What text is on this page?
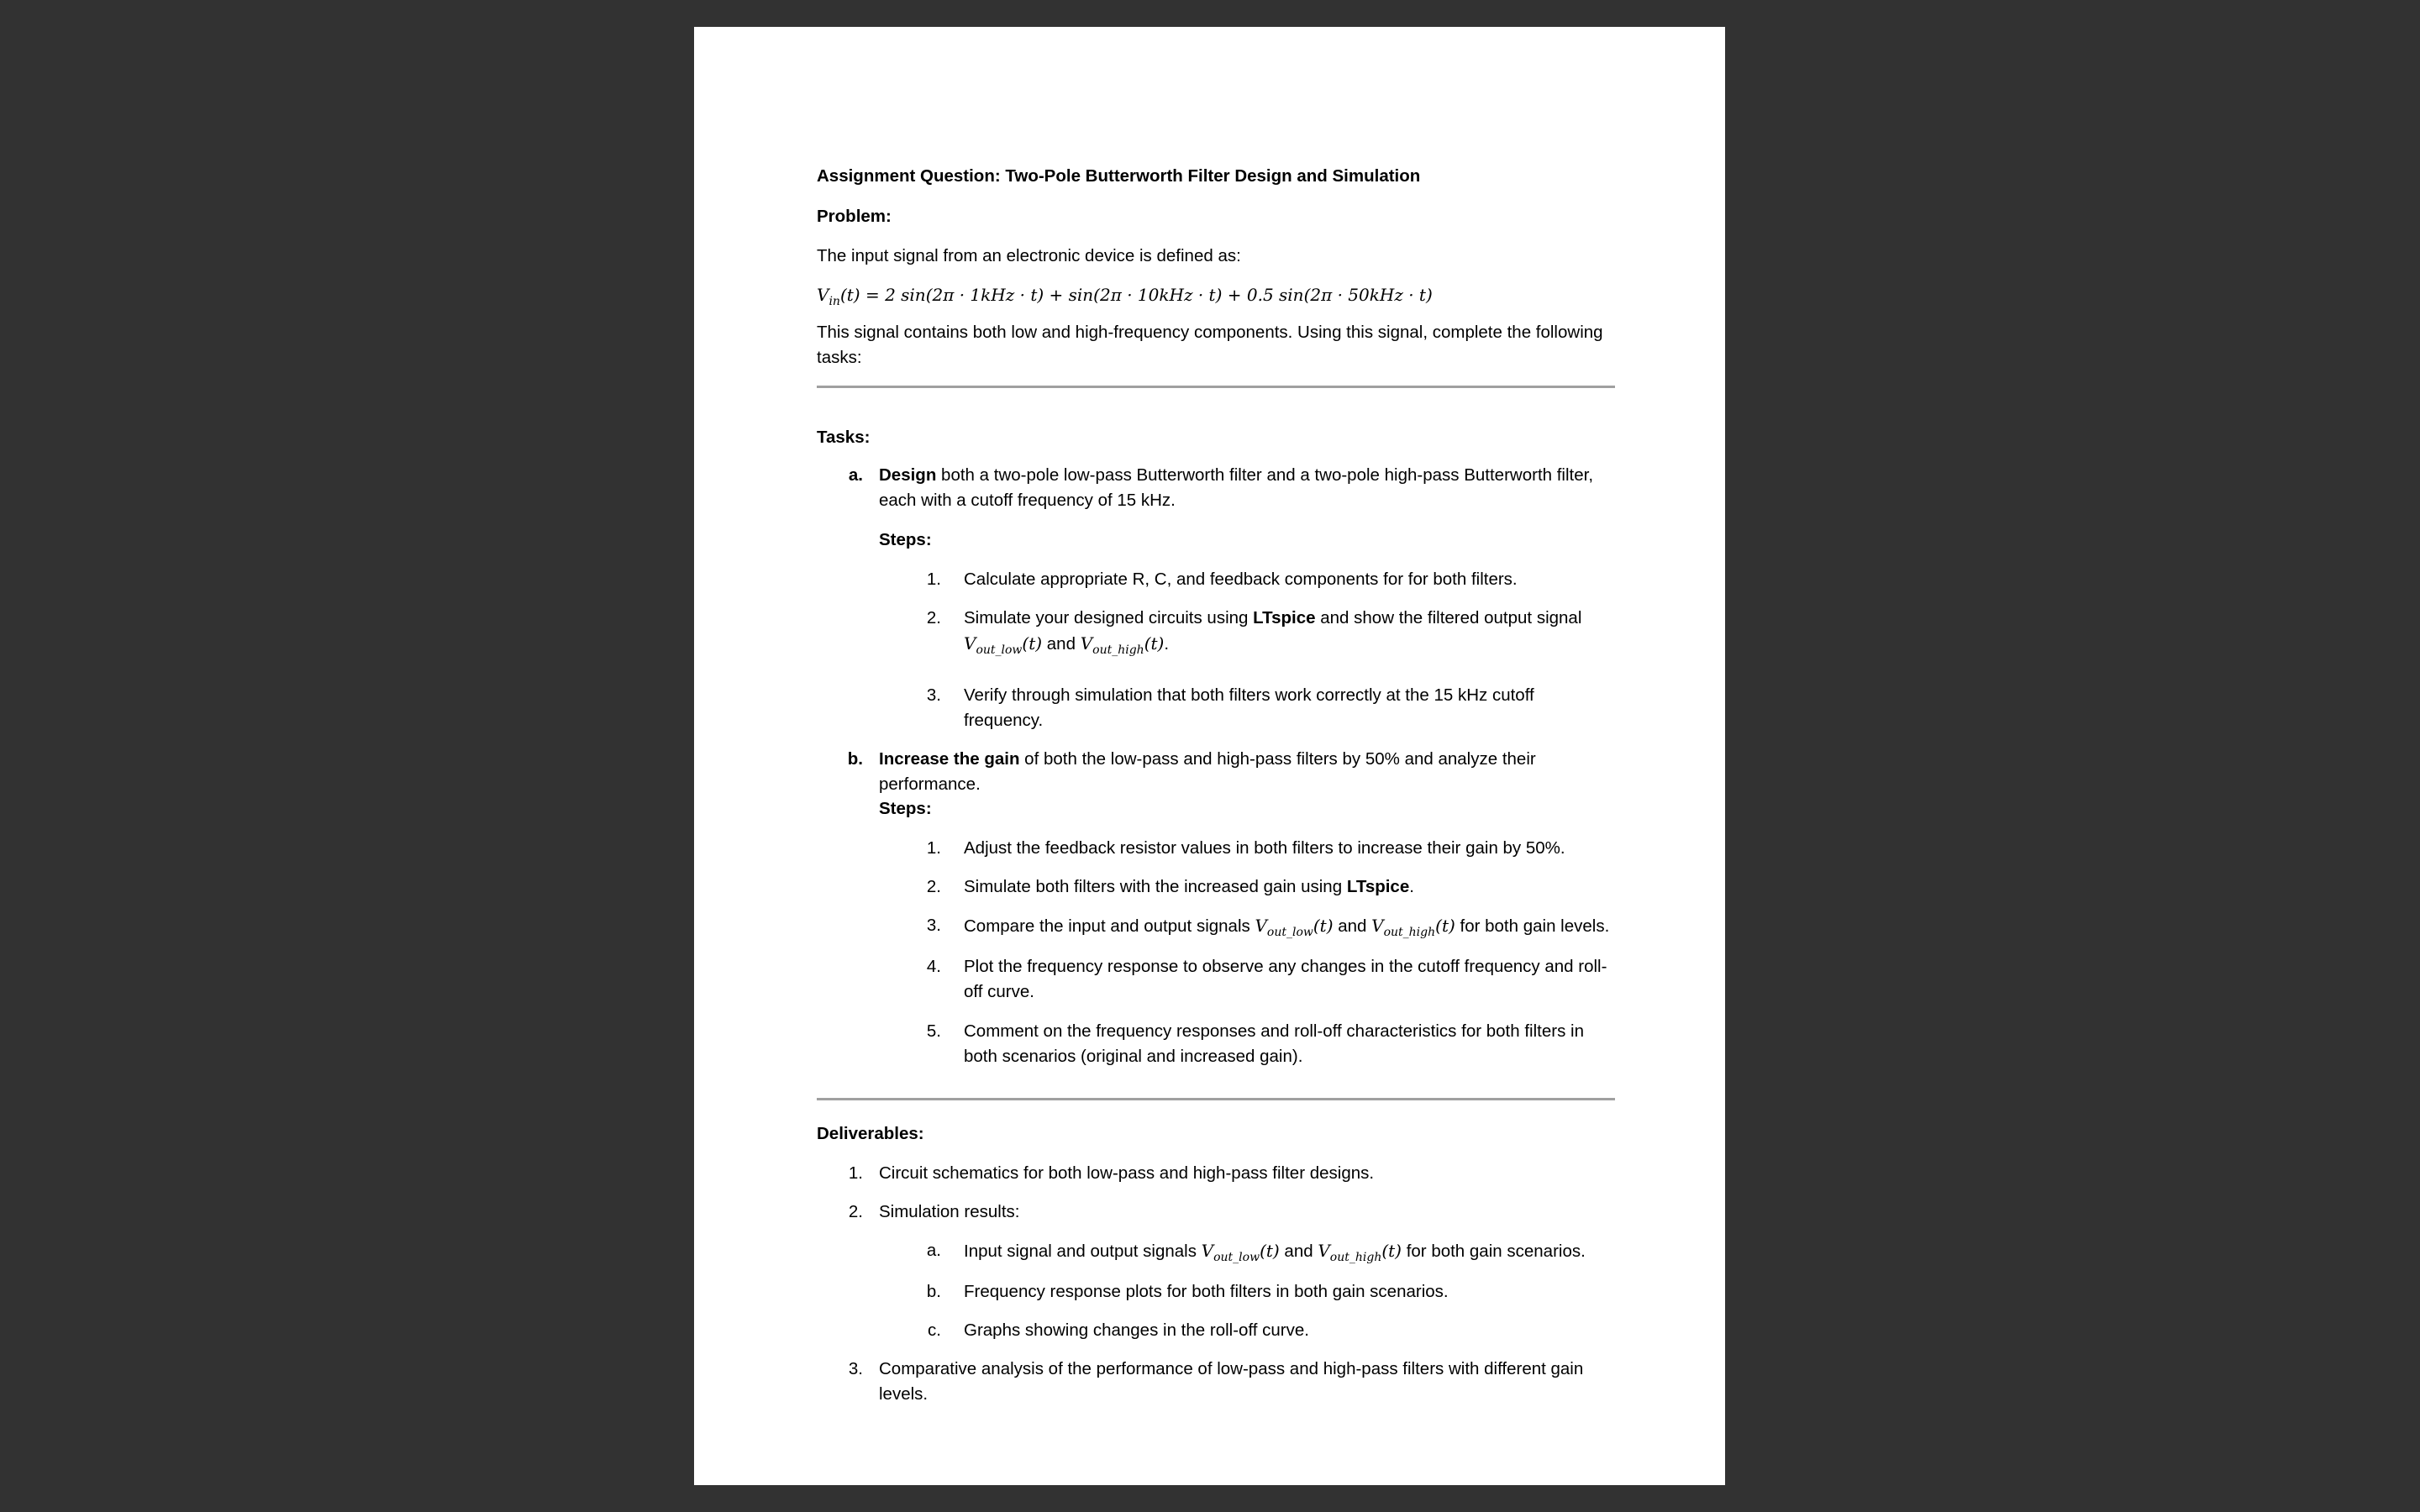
Assignment Question: Two-Pole Butterworth Filter Design and Simulation
Problem:
The input signal from an electronic device is defined as:
$V_{in}(t) = 2$ sin(2π · 1kHz · t) + sin(2π · 10kHz · t) + 0.5 sin(2π · 50kHz · t)
This signal contains both low and high-frequency components. Using this signal, complete the following
tasks:
Tasks:
a. Design both a two-pole low-pass Butterworth filter and a two-pole high-pass Butterworth filter,
each with a cutoff frequency of 15 kHz.
Steps:
1. Calculate appropriate R, C, and feedback components for for both filters.
2. Simulate your designed circuits using LTspice and show the filtered output signal
$V_{out\_low}(t)$ and $V_{out\_high}(t)$.
3. Verify through simulation that both filters work correctly at the 15 kHz cutoff
frequency.
b. Increase the gain of both the low-pass and high-pass filters by 50% and analyze their
performance.
Steps:
1. Adjust the feedback resistor values in both filters to increase their gain by 50%.
2. Simulate both filters with the increased gain using LTspice.
3. Compare the input and output signals $V_{out\_low}(t)$ and $V_{out\_high}(t)$ for both gain levels.
4. Plot the frequency response to observe any changes in the cutoff frequency and roll-
off curve.
5. Comment on the frequency responses and roll-off characteristics for both filters in
both scenarios (original and increased gain).
Deliverables:
1. Circuit schematics for both low-pass and high-pass filter designs.
2. Simulation results:
a. Input signal and output signals $V_{out\_low}(t)$ and $V_{out\_high}(t)$ for both gain scenarios.
b. Frequency response plots for both filters in both gain scenarios.
c. Graphs showing changes in the roll-off curve.
3. Comparative analysis of the performance of low-pass and high-pass filters with different gain
levels.
